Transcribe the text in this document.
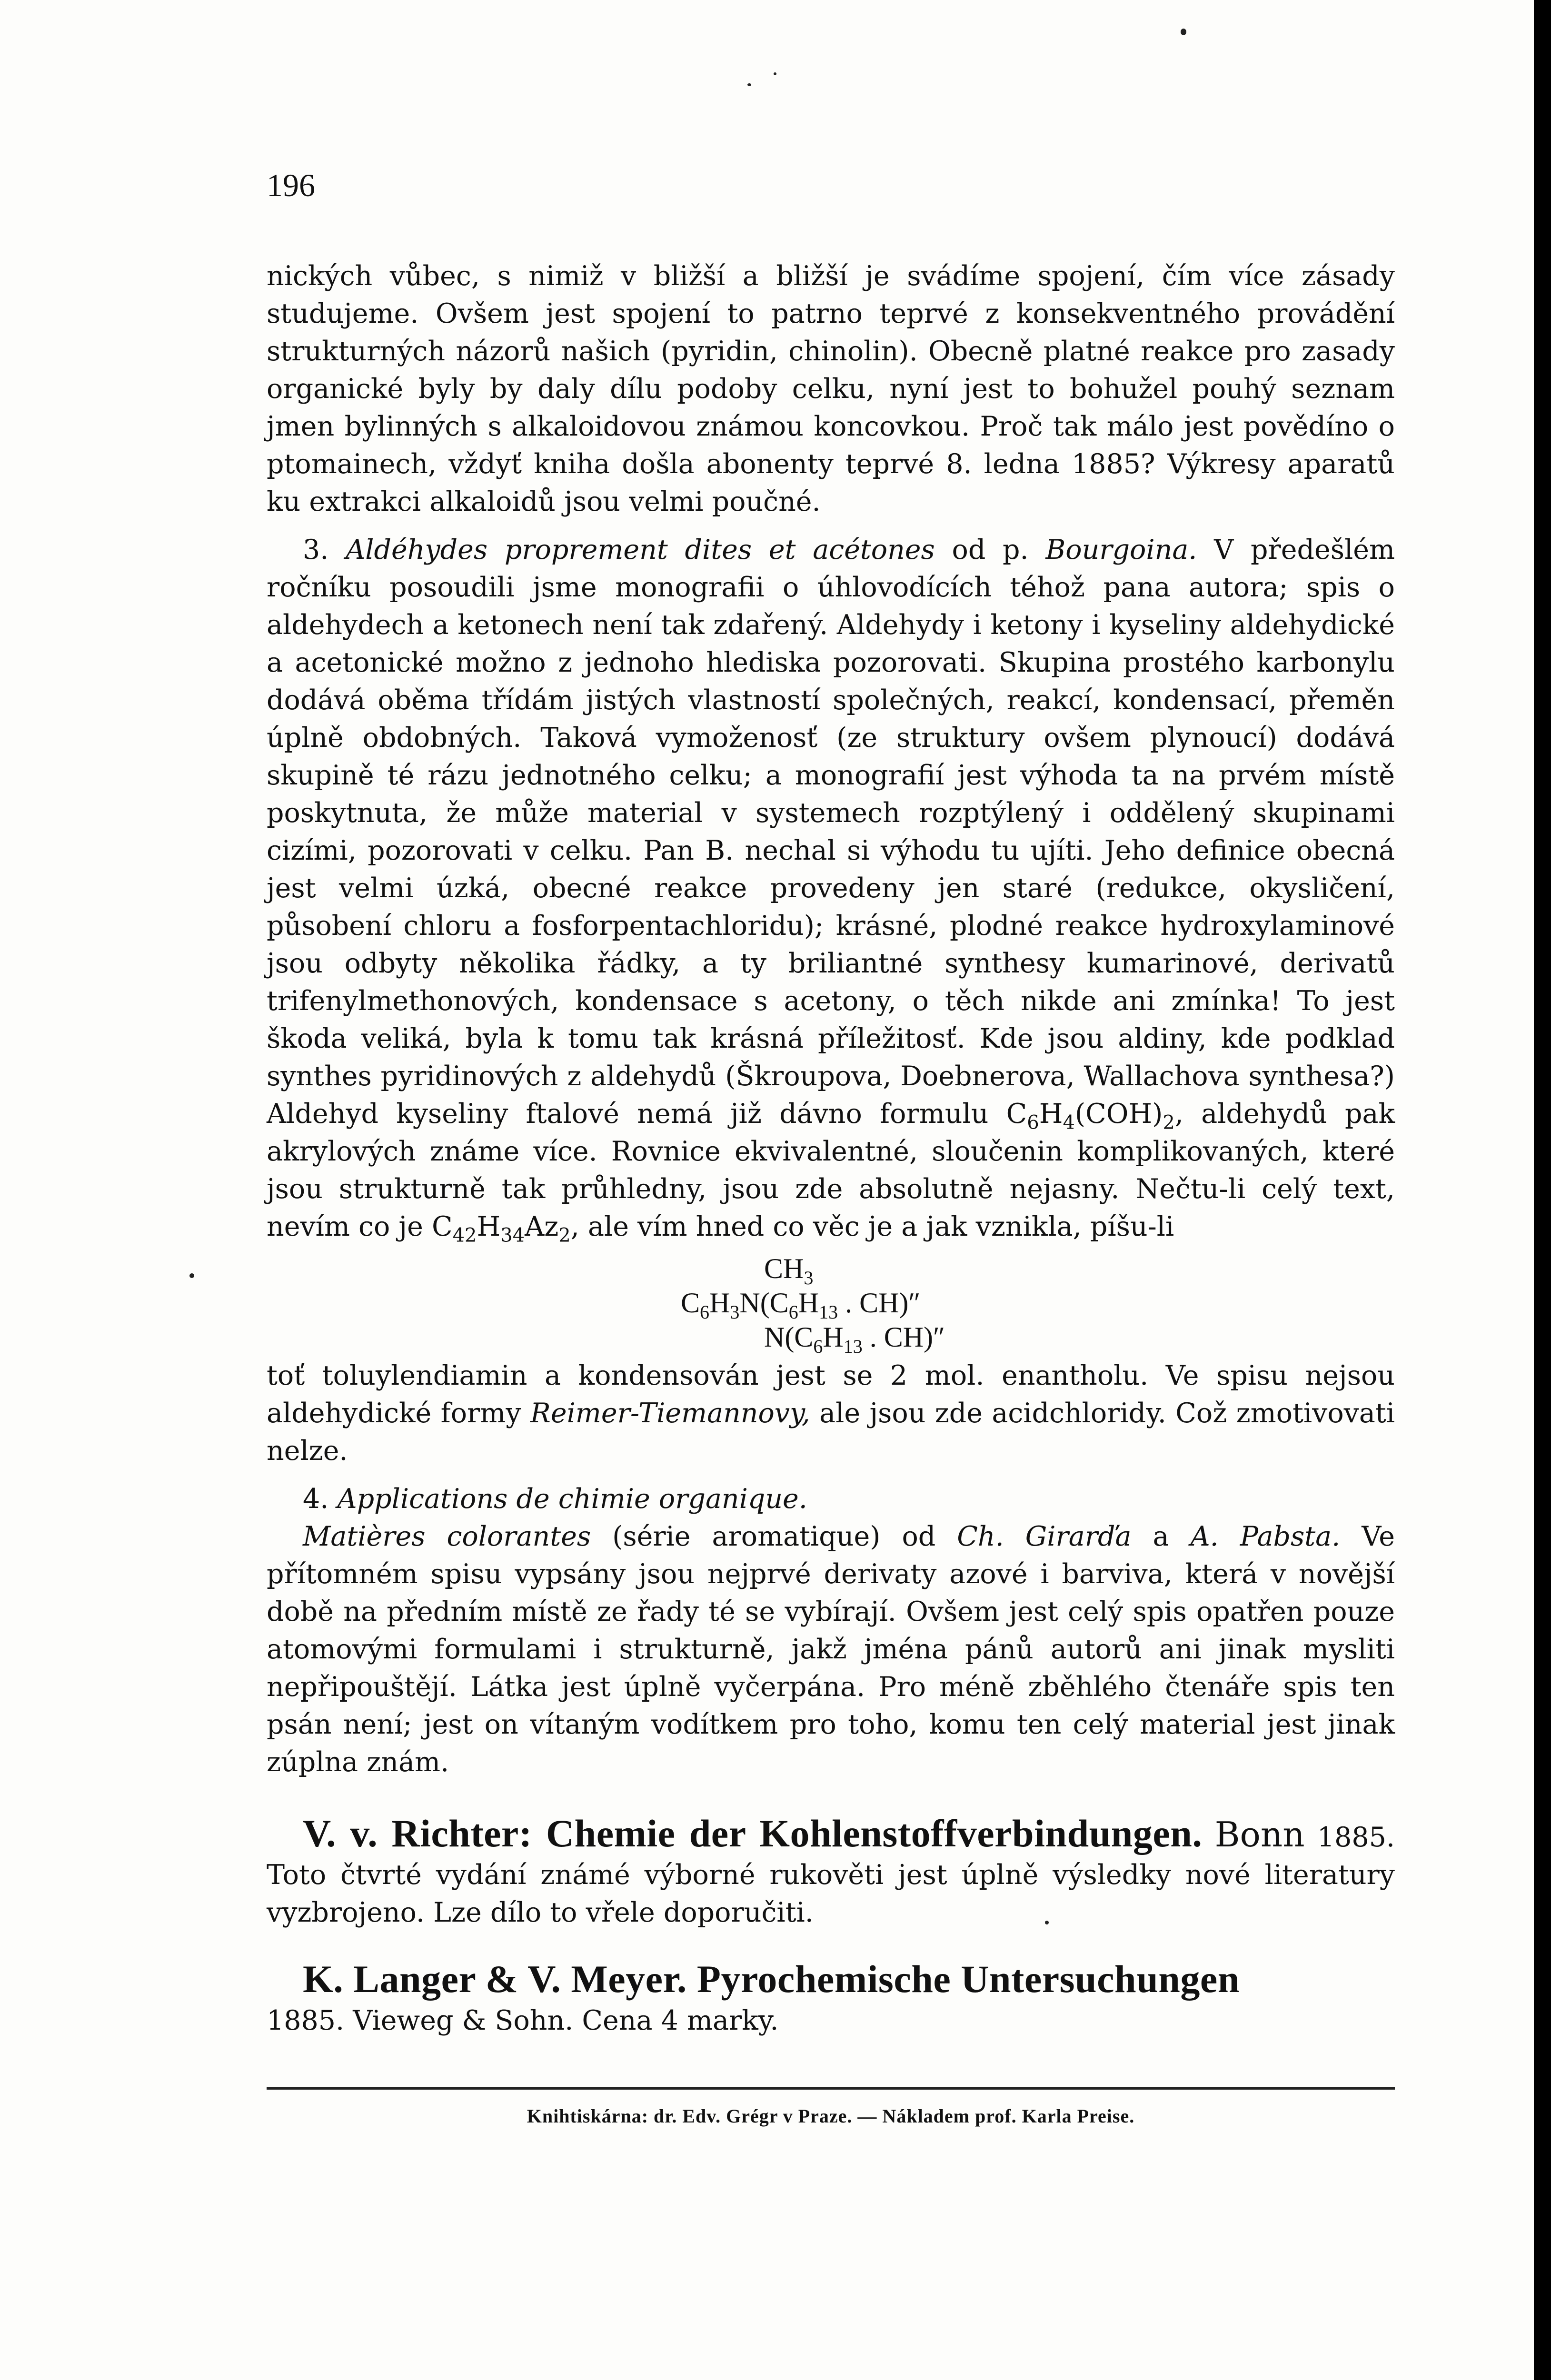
196

nických vůbec, s nimiž v bližší a bližší je svádíme spojení, čím více zásady studujeme. Ovšem jest spojení to patrno teprvé z konsekventného provádění strukturných názorů našich (pyridin, chinolin). Obecně platné reakce pro zasady organické byly by daly dílu podoby celku, nyní jest to bohužel pouhý seznam jmen bylinných s alkaloidovou známou koncovkou. Proč tak málo jest povědíno o ptomainech, vždyť kniha došla abonenty teprvé 8. ledna 1885? Výkresy aparatů ku extrakci alkaloidů jsou velmi poučné.

3. Aldéhydes proprement dites et acétones od p. Bourgoina. V předešlém ročníku posoudili jsme monografii o úhlovodících téhož pana autora; spis o aldehydech a ketonech není tak zdařený. Aldehydy i ketony i kyseliny aldehydické a acetonické možno z jednoho hlediska pozorovati. Skupina prostého karbonylu dodává oběma třídám jistých vlastností společných, reakcí, kondensací, přeměn úplně obdobných. Taková vymoženosť (ze struktury ovšem plynoucí) dodává skupině té rázu jednotného celku; a monografií jest výhoda ta na prvém místě poskytnuta, že může material v systemech rozptýlený i oddělený skupinami cizími, pozorovati v celku. Pan B. nechal si výhodu tu ujíti. Jeho definice obecná jest velmi úzká, obecné reakce provedeny jen staré (redukce, okysličení, působení chloru a fosforpentachloridu); krásné, plodné reakce hydroxylaminové jsou odbyty několika řádky, a ty briliantné synthesy kumarinové, derivatů trifenylmethonových, kondensace s acetony, o těch nikde ani zmínka! To jest škoda veliká, byla k tomu tak krásná příležitosť. Kde jsou aldiny, kde podklad synthes pyridinových z aldehydů (Škroupova, Doebnerova, Wallachova synthesa?) Aldehyd kyseliny ftalové nemá již dávno formulu $C_6H_4(COH)_2$, aldehydů pak akrylových známe více. Rovnice ekvivalentné, sloučenin komplikovaných, které jsou strukturně tak průhledny, jsou zde absolutně nejasny. Nečtu-li celý text, nevím co je $C_{42}H_{34}Az_2$, ale vím hned co věc je a jak vznikla, píšu-li

$CH_3$
$C_6H_3N(C_6H_{13}$ . CH)″
$N(C_6H_{13}$ . CH)″

toť toluylendiamin a kondensován jest se 2 mol. enantholu. Ve spisu nejsou aldehydické formy Reimer-Tiemannovy, ale jsou zde acidchloridy. Což zmotivovati nelze.

4. Applications de chimie organique.

Matières colorantes (série aromatique) od Ch. Girarďa a A. Pabsta. Ve přítomném spisu vypsány jsou nejprvé derivaty azové i barviva, která v novější době na předním místě ze řady té se vybírají. Ovšem jest celý spis opatřen pouze atomovými formulami i strukturně, jakž jména pánů autorů ani jinak mysliti nepřipouštějí. Látka jest úplně vyčerpána. Pro méně zběhlého čtenáře spis ten psán není; jest on vítaným vodítkem pro toho, komu ten celý material jest jinak zúplna znám.

V. v. Richter: Chemie der Kohlenstoffverbindungen. Bonn 1885. Toto čtvrté vydání známé výborné rukověti jest úplně výsledky nové literatury vyzbrojeno. Lze dílo to vřele doporučiti.

K. Langer & V. Meyer. Pyrochemische Untersuchungen
1885. Vieweg & Sohn. Cena 4 marky.

Knihtiskárna: dr. Edv. Grégr v Praze. — Nákladem prof. Karla Preise.
